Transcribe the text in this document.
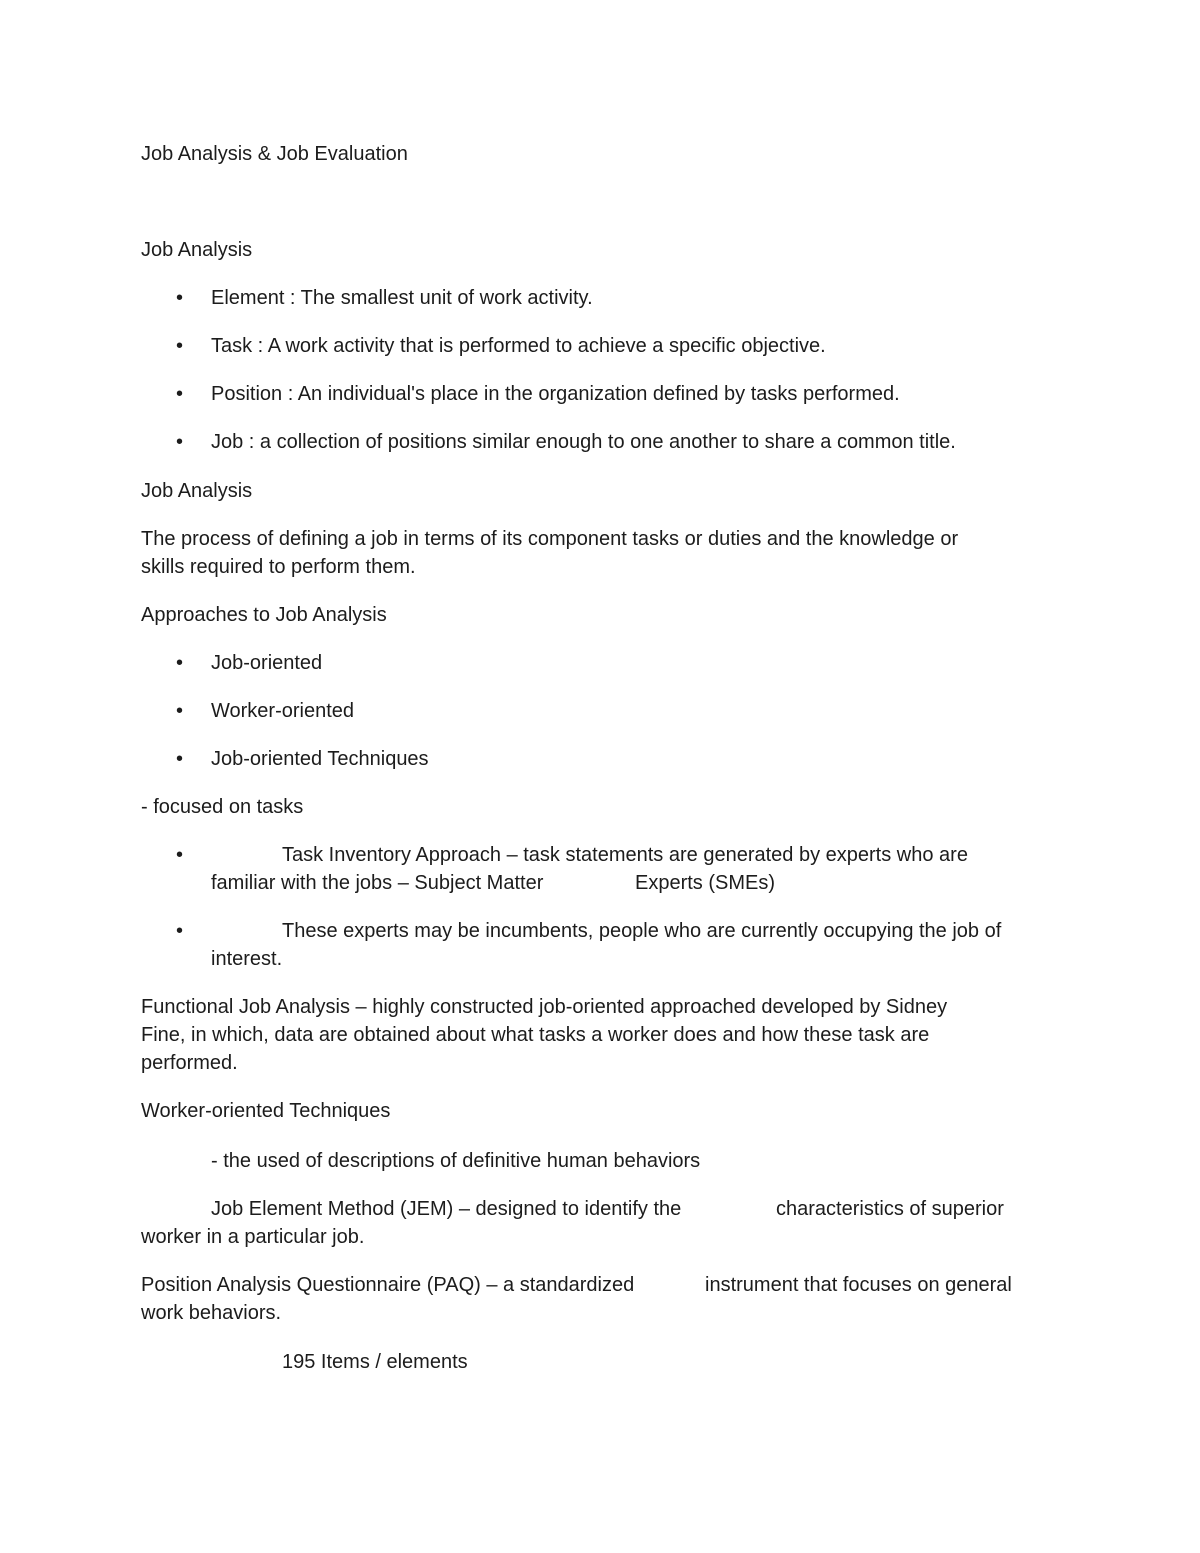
Job Analysis & Job Evaluation
Job Analysis
• Element : The smallest unit of work activity.
• Task : A work activity that is performed to achieve a specific objective.
• Position : An individual's place in the organization defined by tasks performed.
• Job : a collection of positions similar enough to one another to share a common title.
Job Analysis
The process of defining a job in terms of its component tasks or duties and the knowledge or
skills required to perform them.
Approaches to Job Analysis
• Job-oriented
• Worker-oriented
• Job-oriented Techniques
- focused on tasks
•	Task Inventory Approach – task statements are generated by experts who are
familiar with the jobs – Subject Matter	Experts (SMEs)
•	These experts may be incumbents, people who are currently occupying the job of
interest.
Functional Job Analysis – highly constructed job-oriented approached developed by Sidney
Fine, in which, data are obtained about what tasks a worker does and how these task are
performed.
Worker-oriented Techniques
- the used of descriptions of definitive human behaviors
Job Element Method (JEM) – designed to identify the	characteristics of superior
worker in a particular job.
Position Analysis Questionnaire (PAQ) – a standardized	instrument that focuses on general
work behaviors.
195 Items / elements
